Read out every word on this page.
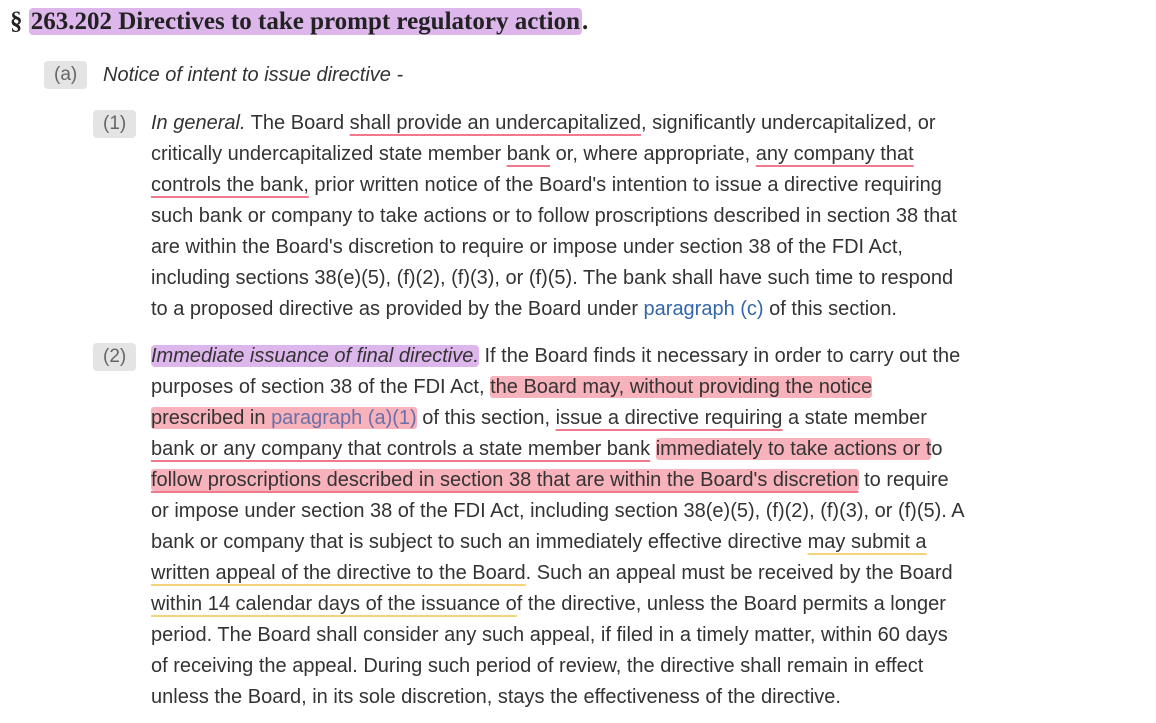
§ 263.202 Directives to take prompt regulatory action.
(a)	Notice of intent to issue directive -
(1)	In general. The Board shall provide an undercapitalized, significantly undercapitalized, or
critically undercapitalized state member bank or, where appropriate, any company that
controls the bank, prior written notice of the Board's intention to issue a directive requiring
such bank or company to take actions or to follow proscriptions described in section 38 that
are within the Board's discretion to require or impose under section 38 of the FDI Act,
including sections 38(e)(5), (f)(2), (f)(3), or (f)(5). The bank shall have such time to respond
to a proposed directive as provided by the Board under paragraph (c) of this section.
(2)	Immediate issuance of final directive. If the Board finds it necessary in order to carry out the
purposes of section 38 of the FDI Act, the Board may, without providing the notice
prescribed in paragraph (a)(1) of this section, issue a directive requiring a state member
bank or any company that controls a state member bank immediately to take actions or to
follow proscriptions described in section 38 that are within the Board's discretion to require
or impose under section 38 of the FDI Act, including section 38(e)(5), (f)(2), (f)(3), or (f)(5). A
bank or company that is subject to such an immediately effective directive may submit a
written appeal of the directive to the Board. Such an appeal must be received by the Board
within 14 calendar days of the issuance of the directive, unless the Board permits a longer
period. The Board shall consider any such appeal, if filed in a timely matter, within 60 days
of receiving the appeal. During such period of review, the directive shall remain in effect
unless the Board, in its sole discretion, stays the effectiveness of the directive.
